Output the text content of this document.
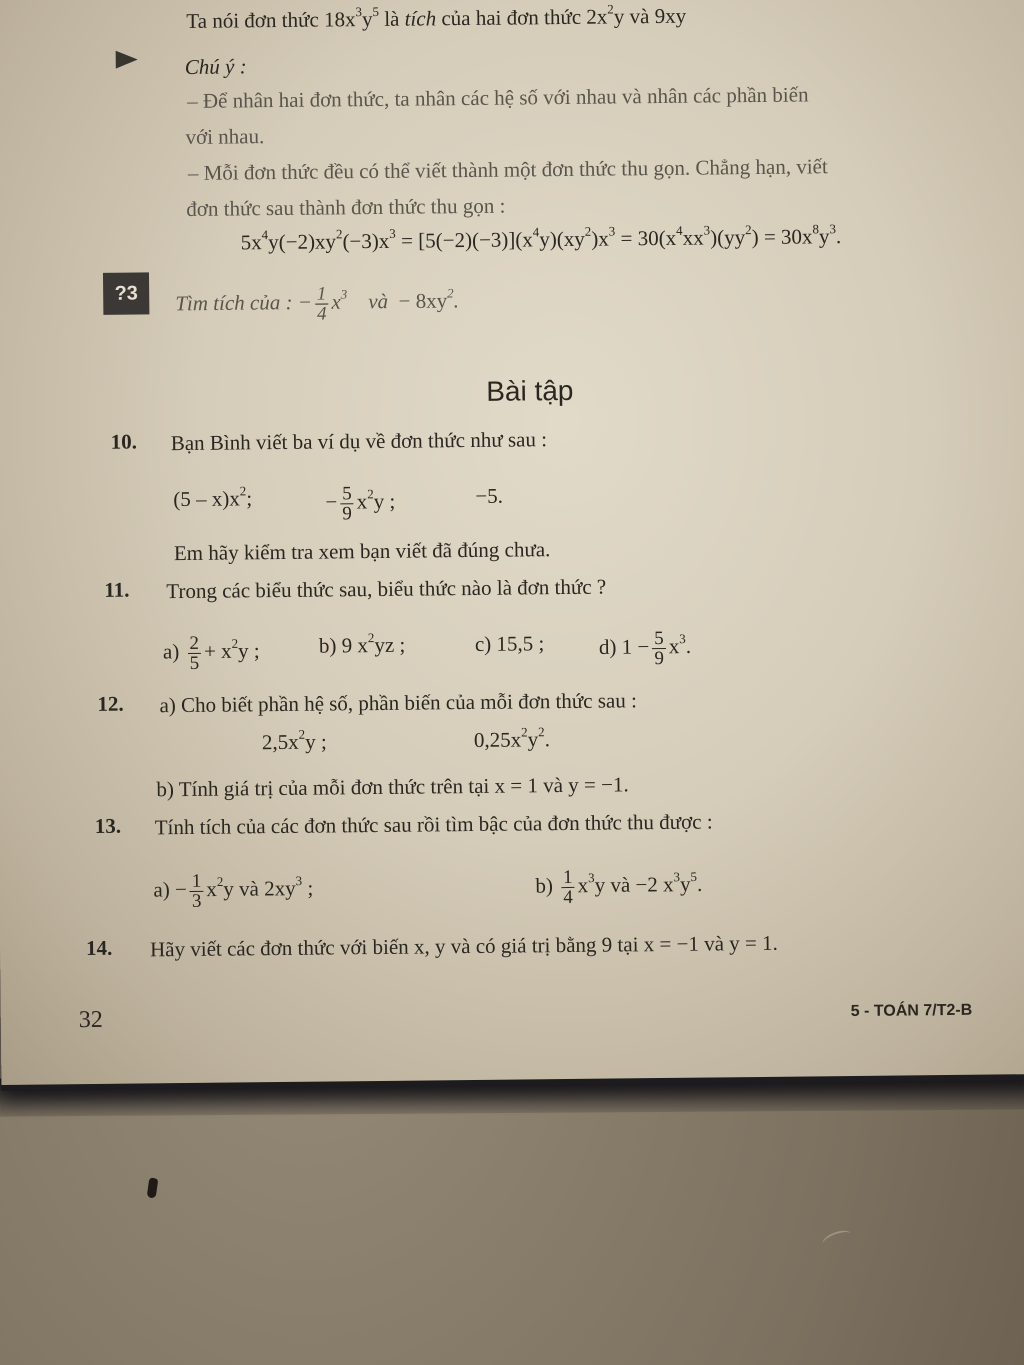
Ta nói đơn thức $18x^3y^5$ là tích của hai đơn thức $2x^2y$ và 9xy
Chú ý :
– Để nhân hai đơn thức, ta nhân các hệ số với nhau và nhân các phần biến
với nhau.
– Mỗi đơn thức đều có thể viết thành một đơn thức thu gọn. Chẳng hạn, viết
đơn thức sau thành đơn thức thu gọn :
$5x^4y(-2)xy^2(-3)x^3 = [5(-2)(-3)](x^4y)(xy^2)x^3 = 30(x^4xx^3)(yy^2) = 30x^8y^3$.
?3	Tìm tích của : − $\frac{1}{4} x^3$ và − $8xy^2$.
Bài tập
10. Bạn Bình viết ba ví dụ về đơn thức như sau :
$(5 - x)x^2$;	− $\frac{5}{9} x^2y$ ;	−5.
Em hãy kiểm tra xem bạn viết đã đúng chưa.
11. Trong các biểu thức sau, biểu thức nào là đơn thức ?
$a) \frac{2}{5} + x^2y$ ;	b) 9 $x^2yz$ ;	c) 15,5 ;	d) $1 - \frac{5}{9} x^3$.
12. a) Cho biết phần hệ số, phần biến của mỗi đơn thức sau :
$2,5x^2y$ ;	$0,25x^2y^2$.
b) Tính giá trị của mỗi đơn thức trên tại x = 1 và y = −1.
13. Tính tích của các đơn thức sau rồi tìm bậc của đơn thức thu được :
$a) - \frac{1}{3} x^2y$ và $2xy^3$ ;	$b) \frac{1}{4} x^3y$ và −2 $x^3y^5$.
14. Hãy viết các đơn thức với biến x, y và có giá trị bằng 9 tại x = −1 và y = 1.
32	5 - TOÁN 7/T2-B
